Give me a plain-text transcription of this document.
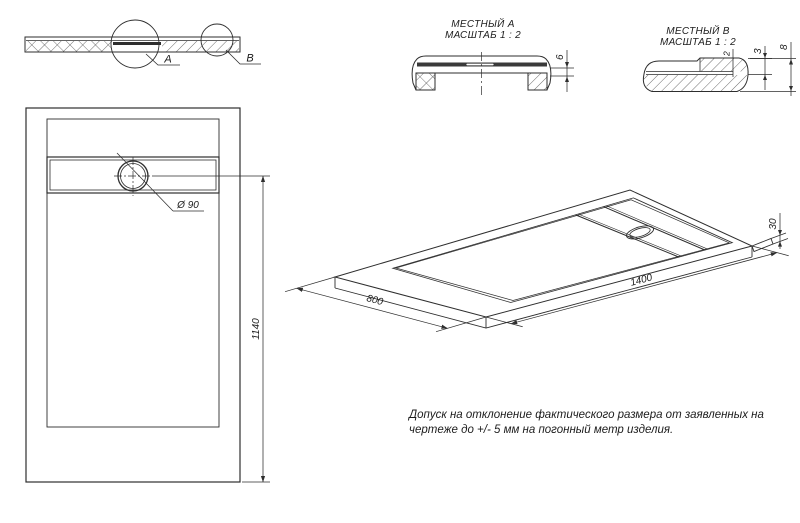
A	B
МЕСТНЫЙ А
МАСШТАБ 1 : 2
6
МЕСТНЫЙ В
МАСШТАБ 1 : 2
2 3
8
Ø 90
1140
800
1400
30
Допуск на отклонение фактического размера от заявленных на
чертеже до +/- 5 мм на погонный метр изделия.
